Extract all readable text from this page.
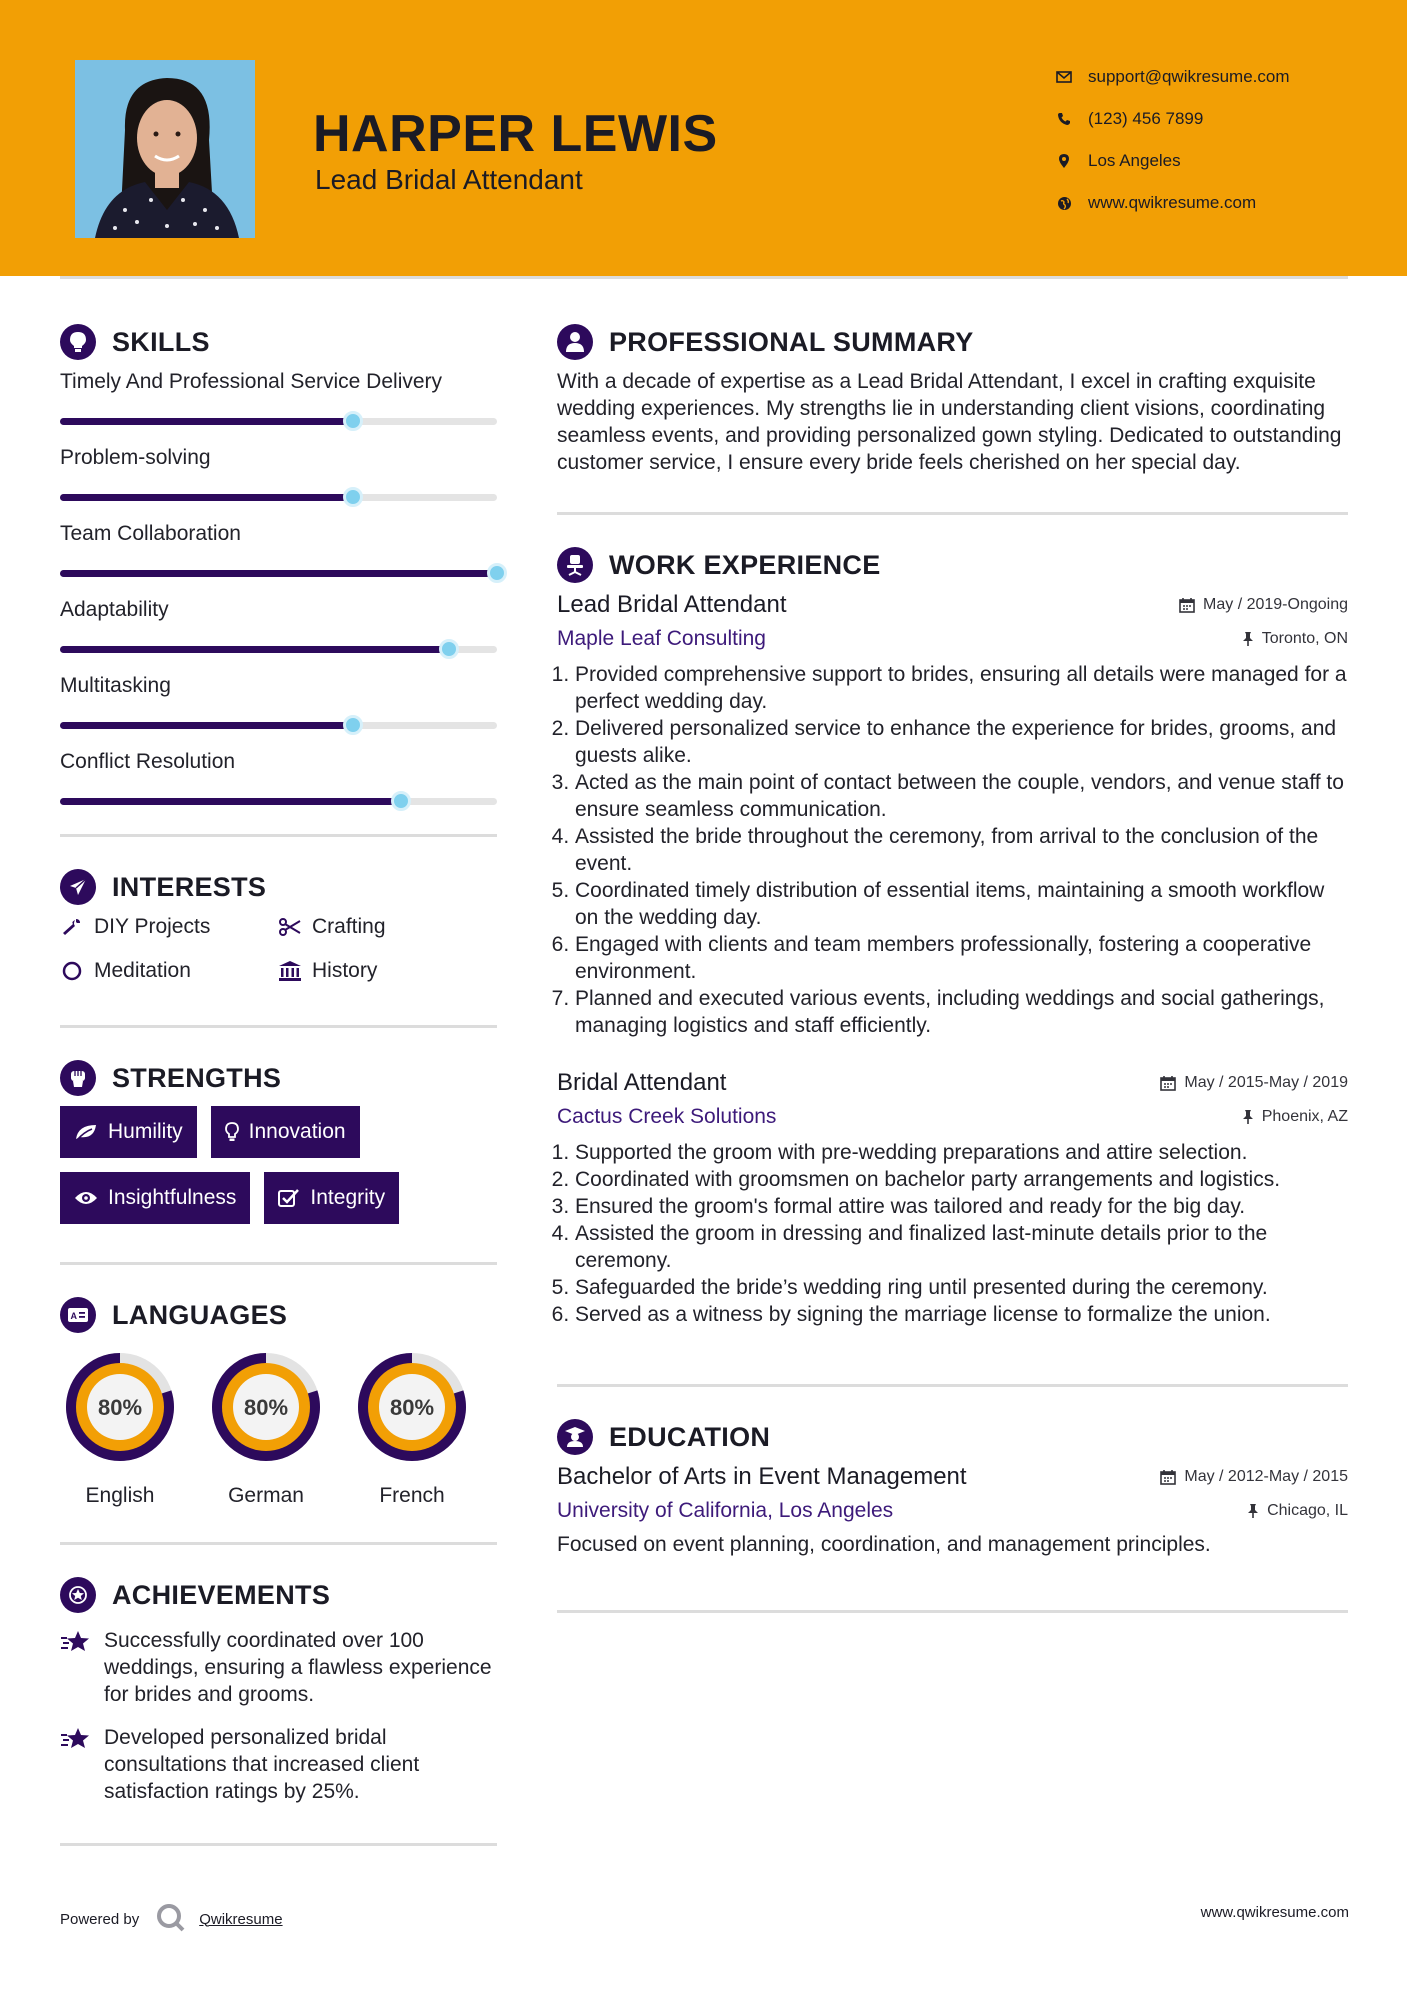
HARPER LEWIS
Lead Bridal Attendant
support@qwikresume.com
(123) 456 7899
Los Angeles
www.qwikresume.com
SKILLS
Timely And Professional Service Delivery
Problem-solving
Team Collaboration
Adaptability
Multitasking
Conflict Resolution
INTERESTS
DIY Projects	Crafting
Meditation	History
STRENGTHS
Humility	Innovation
Insightfulness	Integrity
A LANGUAGES
80%
English
80%
German
80%
French
ACHIEVEMENTS
Successfully coordinated over 100 weddings, ensuring a flawless experience for brides and grooms.
Developed personalized bridal consultations that increased client satisfaction ratings by 25%.
PROFESSIONAL SUMMARY
With a decade of expertise as a Lead Bridal Attendant, I excel in crafting exquisite wedding experiences. My strengths lie in understanding client visions, coordinating seamless events, and providing personalized gown styling. Dedicated to outstanding customer service, I ensure every bride feels cherished on her special day.
WORK EXPERIENCE
Lead Bridal Attendant	May / 2019-Ongoing
Maple Leaf Consulting	Toronto, ON
1. Provided comprehensive support to brides, ensuring all details were managed for a perfect wedding day.
2. Delivered personalized service to enhance the experience for brides, grooms, and guests alike.
3. Acted as the main point of contact between the couple, vendors, and venue staff to ensure seamless communication.
4. Assisted the bride throughout the ceremony, from arrival to the conclusion of the event.
5. Coordinated timely distribution of essential items, maintaining a smooth workflow on the wedding day.
6. Engaged with clients and team members professionally, fostering a cooperative environment.
7. Planned and executed various events, including weddings and social gatherings, managing logistics and staff efficiently.
Bridal Attendant	May / 2015-May / 2019
Cactus Creek Solutions	Phoenix, AZ
1. Supported the groom with pre-wedding preparations and attire selection.
2. Coordinated with groomsmen on bachelor party arrangements and logistics.
3. Ensured the groom's formal attire was tailored and ready for the big day.
4. Assisted the groom in dressing and finalized last-minute details prior to the ceremony.
5. Safeguarded the bride’s wedding ring until presented during the ceremony.
6. Served as a witness by signing the marriage license to formalize the union.
EDUCATION
Bachelor of Arts in Event Management	May / 2012-May / 2015
University of California, Los Angeles	Chicago, IL
Focused on event planning, coordination, and management principles.
Powered by	Qwikresume	www.qwikresume.com
